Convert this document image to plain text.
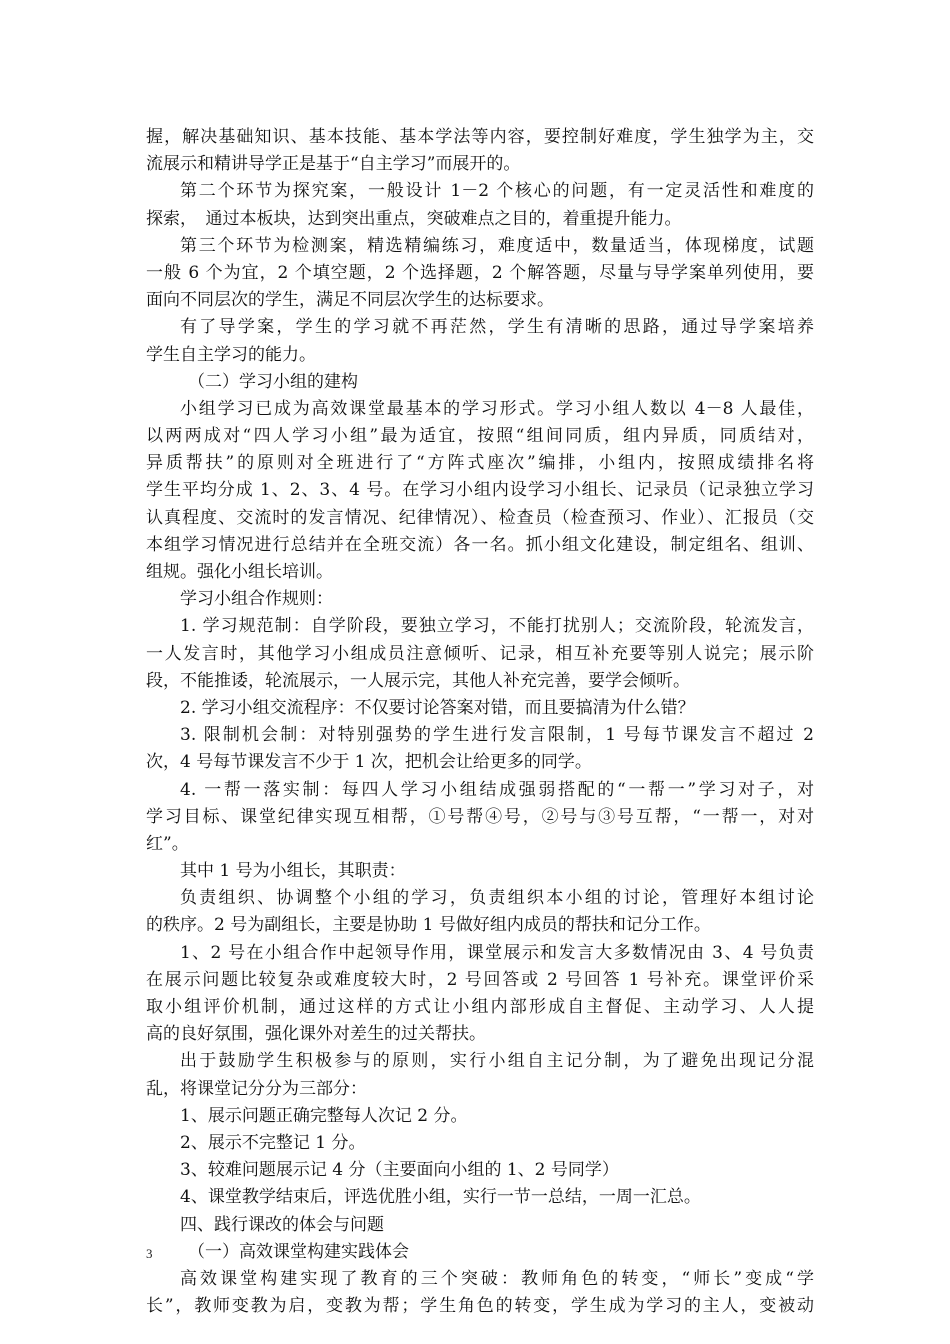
握，解决基础知识、基本技能、基本学法等内容，要控制好难度，学生独学为主，交
流展示和精讲导学正是基于“自主学习”而展开的。
第二个环节为探究案，一般设计 1－2 个核心的问题，有一定灵活性和难度的
探索，　通过本板块，达到突出重点，突破难点之目的，着重提升能力。
第三个环节为检测案，精选精编练习，难度适中，数量适当，体现梯度，试题
一般 6 个为宜，2 个填空题，2 个选择题，2 个解答题，尽量与导学案单列使用，要
面向不同层次的学生，满足不同层次学生的达标要求。
有了导学案，学生的学习就不再茫然，学生有清晰的思路，通过导学案培养
学生自主学习的能力。
（二）学习小组的建构
小组学习已成为高效课堂最基本的学习形式。学习小组人数以 4－8 人最佳，
以两两成对“四人学习小组”最为适宜，按照“组间同质，组内异质，同质结对，
异质帮扶”的原则对全班进行了“方阵式座次”编排，小组内，按照成绩排名将
学生平均分成 1、2、3、4 号。在学习小组内设学习小组长、记录员（记录独立学习
认真程度、交流时的发言情况、纪律情况）、检查员（检查预习、作业）、汇报员（交
本组学习情况进行总结并在全班交流）各一名。抓小组文化建设，制定组名、组训、
组规。强化小组长培训。
学习小组合作规则：
1. 学习规范制：自学阶段，要独立学习，不能打扰别人；交流阶段，轮流发言，
一人发言时，其他学习小组成员注意倾听、记录，相互补充要等别人说完；展示阶
段，不能推诿，轮流展示，一人展示完，其他人补充完善，要学会倾听。
2. 学习小组交流程序：不仅要讨论答案对错，而且要搞清为什么错？
3. 限制机会制：对特别强势的学生进行发言限制，1 号每节课发言不超过 2
次，4 号每节课发言不少于 1 次，把机会让给更多的同学。
4. 一帮一落实制：每四人学习小组结成强弱搭配的“一帮一”学习对子，对
学习目标、课堂纪律实现互相帮，①号帮④号，②号与③号互帮，“一帮一，对对
红”。
其中 1 号为小组长，其职责：
负责组织、协调整个小组的学习，负责组织本小组的讨论，管理好本组讨论
的秩序。2 号为副组长，主要是协助 1 号做好组内成员的帮扶和记分工作。
1、2 号在小组合作中起领导作用，课堂展示和发言大多数情况由 3、4 号负责
在展示问题比较复杂或难度较大时，2 号回答或 2 号回答 1 号补充。课堂评价采
取小组评价机制，通过这样的方式让小组内部形成自主督促、主动学习、人人提
高的良好氛围，强化课外对差生的过关帮扶。
出于鼓励学生积极参与的原则，实行小组自主记分制，为了避免出现记分混
乱，将课堂记分分为三部分：
1、展示问题正确完整每人次记 2 分。
2、展示不完整记 1 分。
3、较难问题展示记 4 分（主要面向小组的 1、2 号同学）
4、课堂教学结束后，评选优胜小组，实行一节一总结，一周一汇总。
四、践行课改的体会与问题
（一）高效课堂构建实践体会
高效课堂构建实现了教育的三个突破：教师角色的转变，“师长”变成“学
长”，教师变教为启，变教为帮；学生角色的转变，学生成为学习的主人，变被动
3
